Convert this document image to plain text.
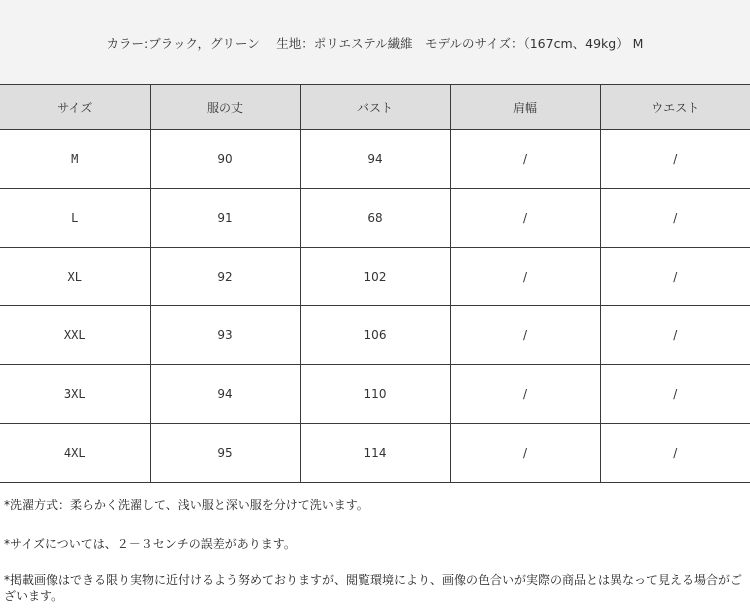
カラー:ブラック，グリーン　 生地：ポリエステル繊維　モデルのサイズ：（167cm、49kg） M
サイズ	服の丈	バスト	肩幅	ウエスト
M	90	94	/	/
L	91	68	/	/
XL	92	102	/	/
XXL	93	106	/	/
3XL	94	110	/	/
4XL	95	114	/	/

*洗濯方式：柔らかく洗濯して、浅い服と深い服を分けて洗います。

*サイズについては、２－３センチの誤差があります。

*掲載画像はできる限り実物に近付けるよう努めておりますが、閲覧環境により、画像の色合いが実際の商品とは異なって見える場合がございます。
